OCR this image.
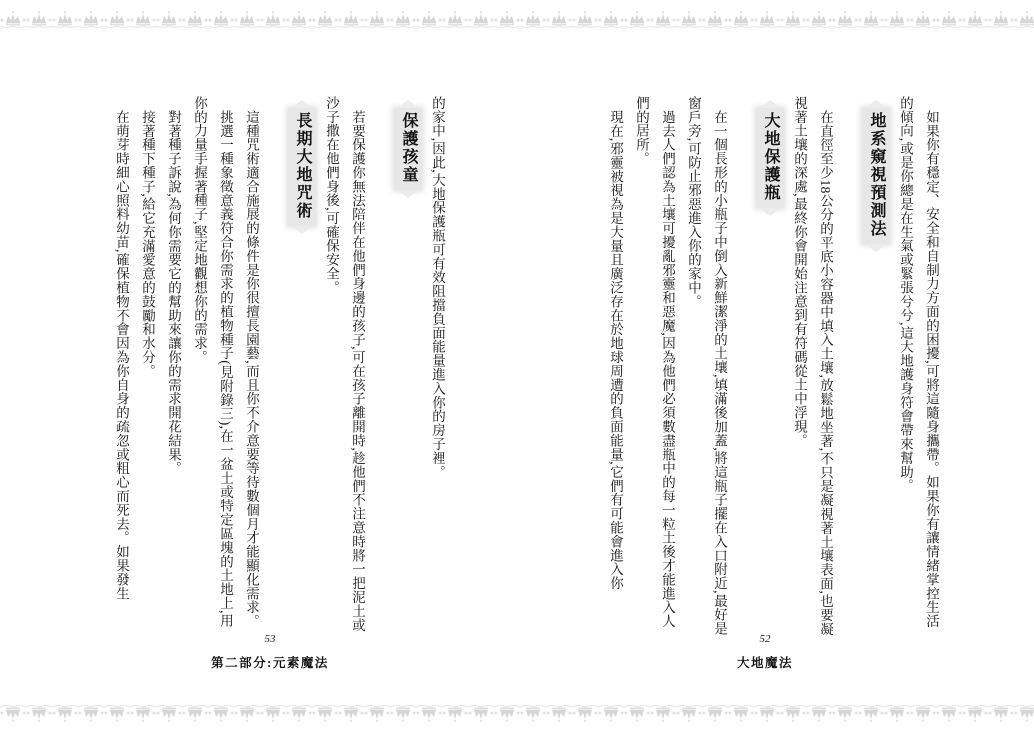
如果你有穩定、安全和自制力方面的困擾,可將這隨身攜帶。如果你有讓情緒掌控生活的傾向,或是你總是在生氣或緊張兮兮,這大地護身符會帶來幫助。

地系窺視預測法

在直徑至少18公分的平底小容器中填入土壤,放鬆地坐著,不只是凝視著土壤表面,也要凝視著土壤的深處,最終你會開始注意到有符碼從土中浮現。

大地保護瓶

在一個長形的小瓶子中倒入新鮮潔淨的土壤,填滿後加蓋,將這瓶子擺在入口附近,最好是窗戶旁,可防止邪惡進入你的家中。

過去人們認為土壤可擾亂邪靈和惡魔,因為他們必須數盡瓶中的每一粒土後才能進入人們的居所。

現在,邪靈被視為是大量且廣泛存在於地球周遭的負面能量,它們有可能會進入你

的家中,因此,大地保護瓶可有效阻擋負面能量進入你的房子裡。

保護孩童

若要保護你無法陪伴在他們身邊的孩子,可在孩子離開時,趁他們不注意時將一把泥土或沙子撒在他們身後,可確保安全。

長期大地咒術

這種咒術適合施展的條件是你很擅長園藝,而且你不介意要等待數個月才能顯化需求。

挑選一種象徵意義符合你需求的植物種子(見附錄三),在一盆土或特定區塊的土地上,用你的力量手握著種子,堅定地觀想你的需求。

對著種子訴說,為何你需要它的幫助來讓你的需求開花結果。

接著種下種子,給它充滿愛意的鼓勵和水分。

在萌芽時細心照料幼苗,確保植物不會因為你自身的疏忽或粗心而死去。如果發生

52
大地魔法
53
第二部分:元素魔法
